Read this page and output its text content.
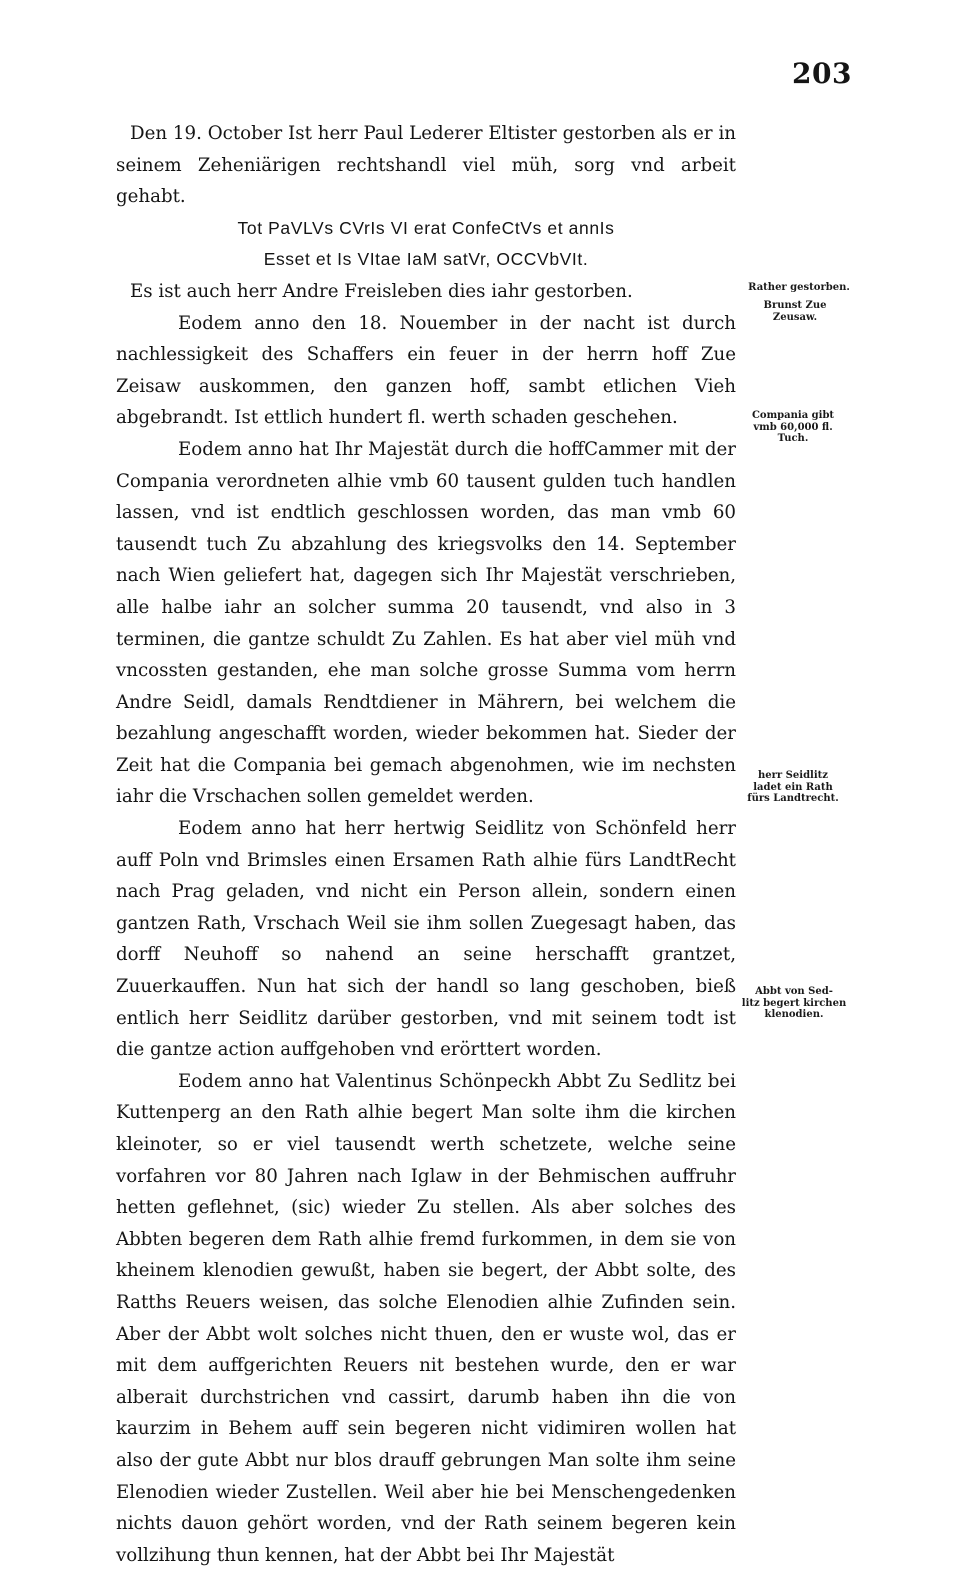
203

Den 19. October Ist herr Paul Lederer Eltister gestorben als er in seinem Zeheniärigen rechtshandl viel müh, sorg vnd arbeit gehabt.

Tot PaVLVs CVrIs VI erat ConfeCtVs et annIs

Esset et Is VItae IaM satVr, OCCVbVIt.

Es ist auch herr Andre Freisleben dies iahr gestorben.

Eodem anno den 18. Nouember in der nacht ist durch nachlessigkeit des Schaffers ein feuer in der herrn hoff Zue Zeisaw auskommen, den ganzen hoff, sambt etlichen Vieh abgebrandt. Ist ettlich hundert fl. werth schaden geschehen.

Eodem anno hat Ihr Majestät durch die hoffCammer mit der Compania verordneten alhie vmb 60 tausent gulden tuch handlen lassen, vnd ist endtlich geschlossen worden, das man vmb 60 tausendt tuch Zu abzahlung des kriegsvolks den 14. September nach Wien geliefert hat, dagegen sich Ihr Majestät verschrieben, alle halbe iahr an solcher summa 20 tausendt, vnd also in 3 terminen, die gantze schuldt Zu Zahlen. Es hat aber viel müh vnd vncossten gestanden, ehe man solche grosse Summa vom herrn Andre Seidl, damals Rendtdiener in Mährern, bei welchem die bezahlung angeschafft worden, wieder bekommen hat. Sieder der Zeit hat die Compania bei gemach abgenohmen, wie im nechsten iahr die Vrschachen sollen gemeldet werden.

Eodem anno hat herr hertwig Seidlitz von Schönfeld herr auff Poln vnd Brimsles einen Ersamen Rath alhie fürs LandtRecht nach Prag geladen, vnd nicht ein Person allein, sondern einen gantzen Rath, Vrschach Weil sie ihm sollen Zuegesagt haben, das dorff Neuhoff so nahend an seine herschafft grantzet, Zuuerkauffen. Nun hat sich der handl so lang geschoben, bieß entlich herr Seidlitz darüber gestorben, vnd mit seinem todt ist die gantze action auffgehoben vnd erörttert worden.

Eodem anno hat Valentinus Schönpeckh Abbt Zu Sedlitz bei Kuttenperg an den Rath alhie begert Man solte ihm die kirchen kleinoter, so er viel tausendt werth schetzete, welche seine vorfahren vor 80 Jahren nach Iglaw in der Behmischen auffruhr hetten geflehnet, (sic) wieder Zu stellen. Als aber solches des Abbten begeren dem Rath alhie fremd furkommen, in dem sie von kheinem klenodien gewußt, haben sie begert, der Abbt solte, des Ratths Reuers weisen, das solche Elenodien alhie Zufinden sein. Aber der Abbt wolt solches nicht thuen, den er wuste wol, das er mit dem auffgerichten Reuers nit bestehen wurde, den er war alberait durchstrichen vnd cassirt, darumb haben ihn die von kaurzim in Behem auff sein begeren nicht vidimiren wollen hat also der gute Abbt nur blos drauff gebrungen Man solte ihm seine Elenodien wieder Zustellen. Weil aber hie bei Menschengedenken nichts dauon gehört worden, vnd der Rath seinem begeren kein vollzihung thun kennen, hat der Abbt bei Ihr Majestät

Rather gestorben.
Brunst Zue
Zeusaw.
Compania gibt
vmb 60,000 fl.
Tuch.
herr Seidlitz
ladet ein Rath
fürs Landtrecht.
Abbt von Sed-
litz begert kirchen
klenodien.
